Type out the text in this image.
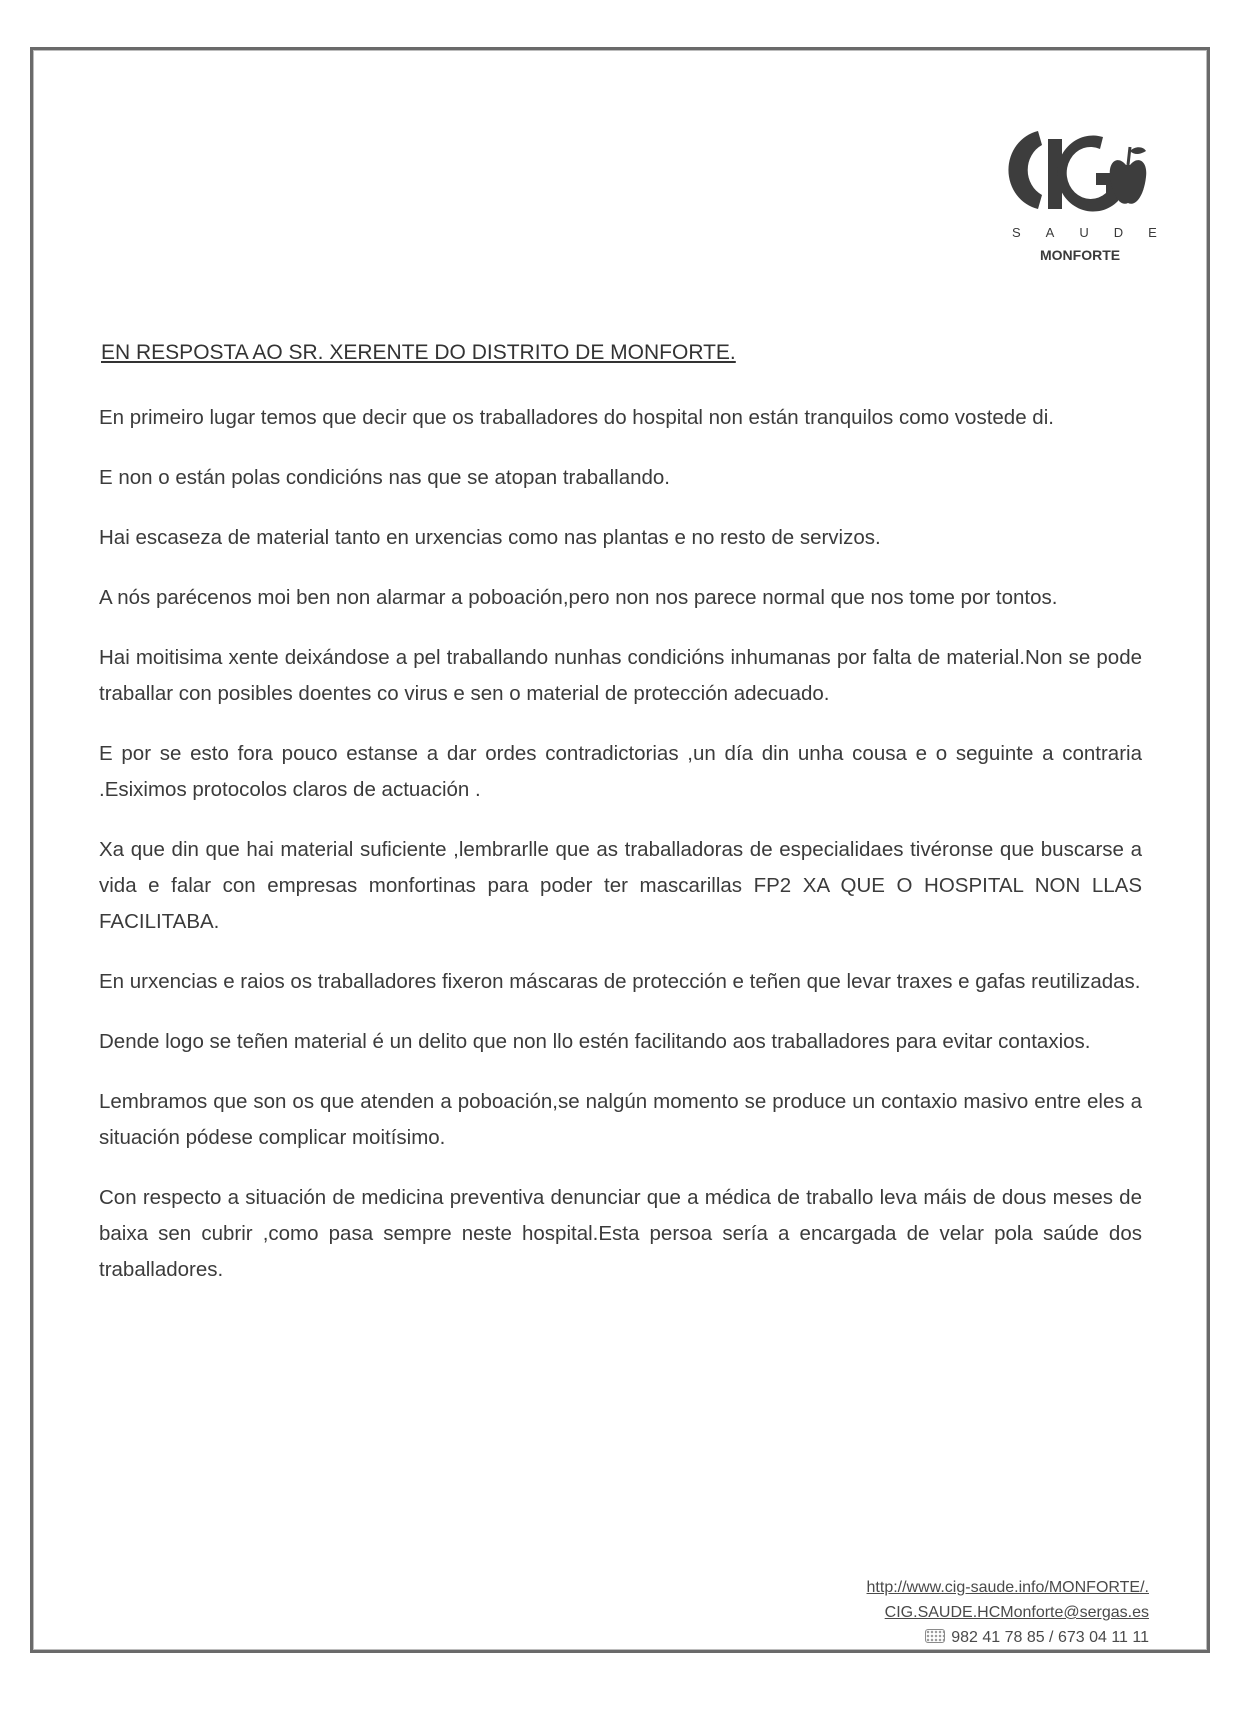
SAUDE
MONFORTE
EN RESPOSTA AO SR. XERENTE DO DISTRITO DE MONFORTE.

En primeiro lugar temos que decir que os traballadores do hospital non están tranquilos como vostede di.

E non o están polas condicións nas que se atopan traballando.

Hai escaseza de material tanto en urxencias como nas plantas e no resto de servizos.

A nós parécenos moi ben non alarmar a poboación,pero non nos parece normal que nos tome por tontos.

Hai moitisima xente deixándose a pel traballando nunhas condicións inhumanas por falta de material.Non se pode traballar con posibles doentes co virus e sen o material de protección adecuado.

E por se esto fora pouco estanse a dar ordes contradictorias ,un día din unha cousa e o seguinte a contraria .Esiximos protocolos claros de actuación .

Xa que din que hai material suficiente ,lembrarlle que as traballadoras de especialidaes tivéronse que buscarse a vida e falar con empresas monfortinas para poder ter mascarillas FP2 XA QUE O HOSPITAL NON LLAS FACILITABA.

En urxencias e raios os traballadores fixeron máscaras de protección e teñen que levar traxes e gafas reutilizadas.

Dende logo se teñen material é un delito que non llo estén facilitando aos traballadores para evitar contaxios.

Lembramos que son os que atenden a poboación,se nalgún momento se produce un contaxio masivo entre eles a situación pódese complicar moitísimo.

Con respecto a situación de medicina preventiva denunciar que a médica de traballo leva máis de dous meses de baixa sen cubrir ,como pasa sempre neste hospital.Esta persoa sería a encargada de velar pola saúde dos traballadores.

http://www.cig-saude.info/MONFORTE/.
CIG.SAUDE.HCMonforte@sergas.es
982 41 78 85 / 673 04 11 11
